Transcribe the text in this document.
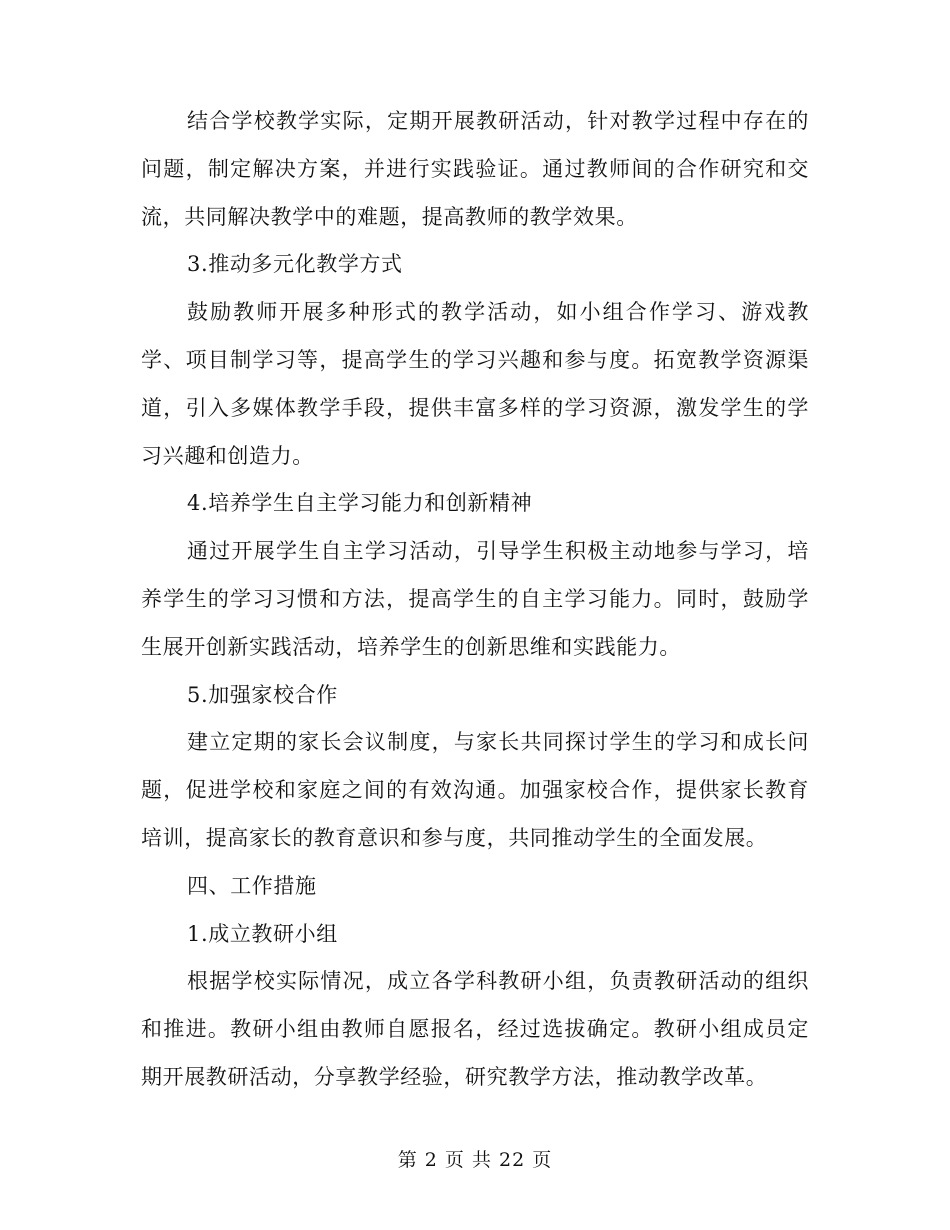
结合学校教学实际，定期开展教研活动，针对教学过程中存在的问题，制定解决方案，并进行实践验证。通过教师间的合作研究和交流，共同解决教学中的难题，提高教师的教学效果。

3.推动多元化教学方式

鼓励教师开展多种形式的教学活动，如小组合作学习、游戏教学、项目制学习等，提高学生的学习兴趣和参与度。拓宽教学资源渠道，引入多媒体教学手段，提供丰富多样的学习资源，激发学生的学习兴趣和创造力。

4.培养学生自主学习能力和创新精神

通过开展学生自主学习活动，引导学生积极主动地参与学习，培养学生的学习习惯和方法，提高学生的自主学习能力。同时，鼓励学生展开创新实践活动，培养学生的创新思维和实践能力。

5.加强家校合作

建立定期的家长会议制度，与家长共同探讨学生的学习和成长问题，促进学校和家庭之间的有效沟通。加强家校合作，提供家长教育培训，提高家长的教育意识和参与度，共同推动学生的全面发展。

四、工作措施

1.成立教研小组

根据学校实际情况，成立各学科教研小组，负责教研活动的组织和推进。教研小组由教师自愿报名，经过选拔确定。教研小组成员定期开展教研活动，分享教学经验，研究教学方法，推动教学改革。

第 2 页 共 22 页
